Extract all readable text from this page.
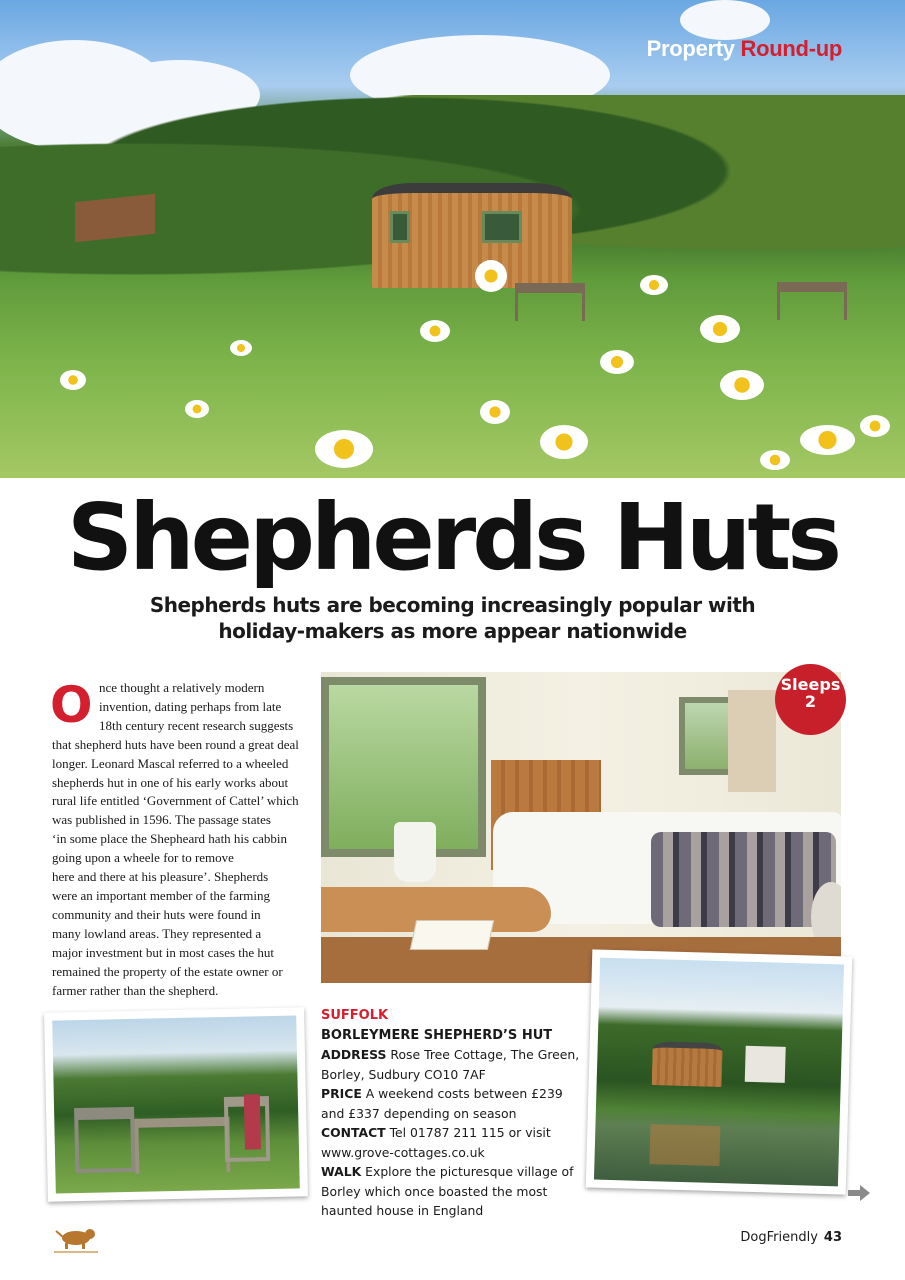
Property Round-up
Shepherds Huts

Shepherds huts are becoming increasingly popular with holiday-makers as more appear nationwide

O nce thought a relatively modern
invention, dating perhaps from late
18th century recent research suggests
that shepherd huts have been round a great deal
longer. Leonard Mascal referred to a wheeled
shepherds hut in one of his early works about
rural life entitled ‘Government of Cattel’ which
was published in 1596. The passage states
‘in some place the Shepheard hath his cabbin
going upon a wheele for to remove
here and there at his pleasure’. Shepherds
were an important member of the farming
community and their huts were found in
many lowland areas. They represented a
major investment but in most cases the hut
remained the property of the estate owner or
farmer rather than the shepherd.
Sleeps
2
SUFFOLK
BORLEYMERE SHEPHERD’S HUT
ADDRESS Rose Tree Cottage, The Green, Borley, Sudbury CO10 7AF
PRICE A weekend costs between £239 and £337 depending on season
CONTACT Tel 01787 211 115 or visit www.grove-cottages.co.uk
WALK Explore the picturesque village of Borley which once boasted the most haunted house in England
DogFriendly 43
